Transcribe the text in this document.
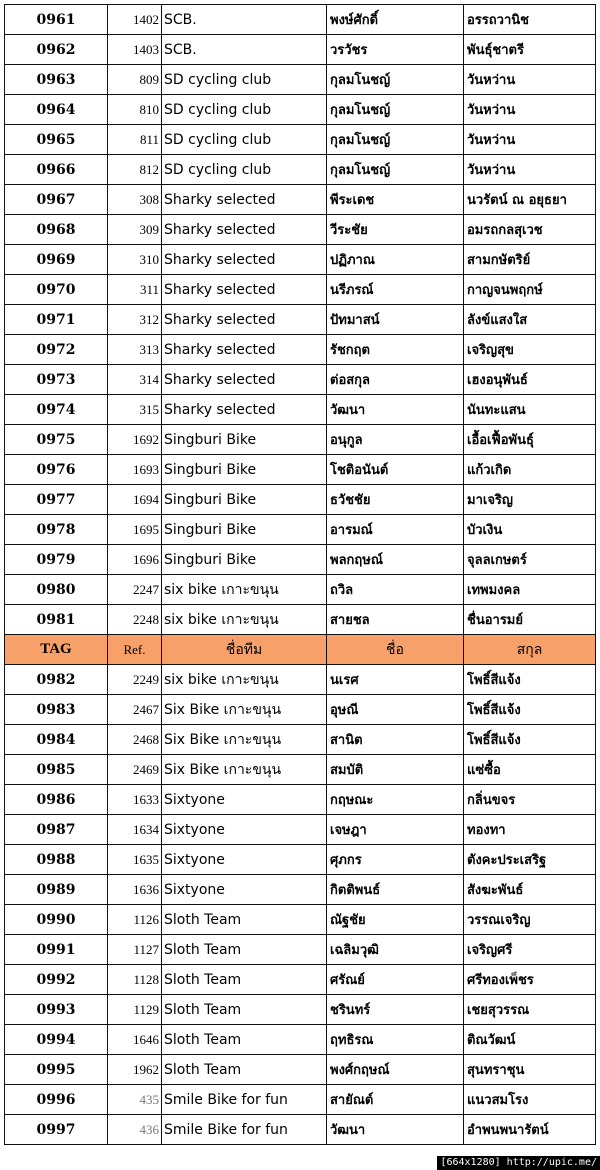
0961	1402	SCB.	พงษ์ศักดิ์	อรรถวานิช
0962	1403	SCB.	วรวัชร	พันธุ์ชาตรี
0963	809	SD cycling club	กุลมโนชญ์	วันหว่าน
0964	810	SD cycling club	กุลมโนชญ์	วันหว่าน
0965	811	SD cycling club	กุลมโนชญ์	วันหว่าน
0966	812	SD cycling club	กุลมโนชญ์	วันหว่าน
0967	308	Sharky selected	พีระเดช	นวรัตน์ ณ อยุธยา
0968	309	Sharky selected	วีระชัย	อมรถกลสุเวช
0969	310	Sharky selected	ปฏิภาณ	สามกษัตริย์
0970	311	Sharky selected	นรีภรณ์	กาญจนพฤกษ์
0971	312	Sharky selected	ปัทมาสน์	ลังข์แสงใส
0972	313	Sharky selected	รัชกฤต	เจริญสุข
0973	314	Sharky selected	ต่อสกุล	เฮงอนุพันธ์
0974	315	Sharky selected	วัฒนา	นันทะแสน
0975	1692	Singburi Bike	อนุกูล	เอื้อเฟื้อพันธุ์
0976	1693	Singburi Bike	โชติอนันต์	แก้วเกิด
0977	1694	Singburi Bike	ธวัชชัย	มาเจริญ
0978	1695	Singburi Bike	อารมณ์	บัวเงิน
0979	1696	Singburi Bike	พลกฤษณ์	จุลลเกษตร์
0980	2247	six bike เกาะขนุน	ถวิล	เทพมงคล
0981	2248	six bike เกาะขนุน	สายชล	ชื่นอารมย์
TAG	Ref.	ชื่อทีม	ชื่อ	สกุล
0982	2249	six bike เกาะขนุน	นเรศ	โพธิ์สีแจ้ง
0983	2467	Six Bike เกาะขนุน	อุษณี	โพธิ์สีแจ้ง
0984	2468	Six Bike เกาะขนุน	สานิต	โพธิ์สีแจ้ง
0985	2469	Six Bike เกาะขนุน	สมบัติ	แซ่ซื้อ
0986	1633	Sixtyone	กฤษณะ	กลิ่นขจร
0987	1634	Sixtyone	เจษฎา	ทองทา
0988	1635	Sixtyone	ศุภกร	ตังคะประเสริฐ
0989	1636	Sixtyone	กิตติพนธ์	สังฆะพันธ์
0990	1126	Sloth Team	ณัฐชัย	วรรณเจริญ
0991	1127	Sloth Team	เฉลิมวุฒิ	เจริญศรี
0992	1128	Sloth Team	ศรัณย์	ศรีทองเพ็ชร
0993	1129	Sloth Team	ชรินทร์	เชยสุวรรณ
0994	1646	Sloth Team	ฤทธิรณ	ติณวัฒน์
0995	1962	Sloth Team	พงศ์กฤษณ์	สุนทราชุน
0996	435	Smile Bike for fun	สายัณต์	แนวสมโรง
0997	436	Smile Bike for fun	วัฒนา	อำพนพนารัตน์
[664x1280] http://upic.me/
